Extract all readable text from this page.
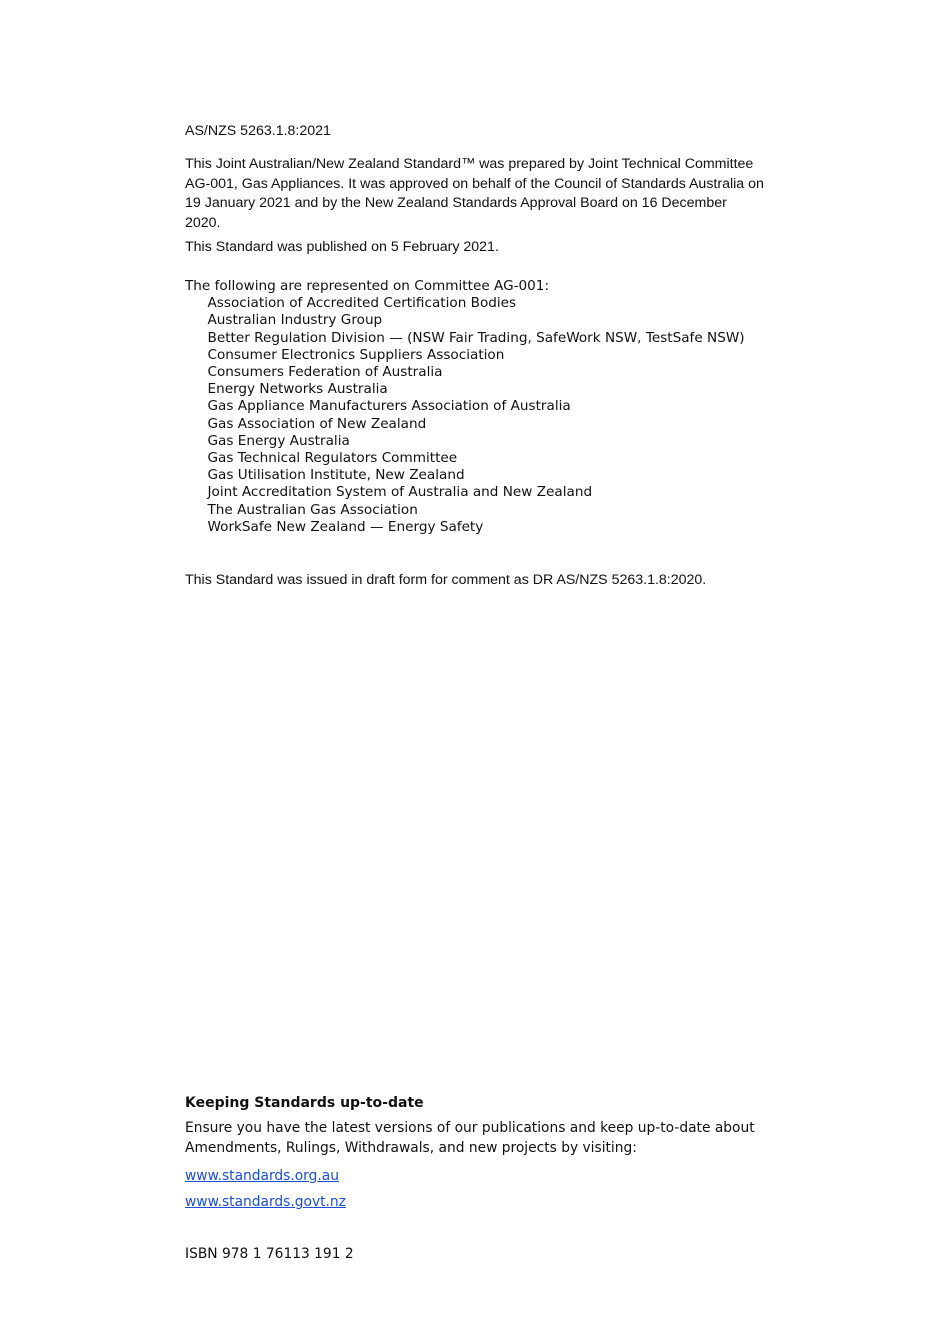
AS/NZS 5263.1.8:2021

This Joint Australian/New Zealand Standard™ was prepared by Joint Technical Committee AG-001, Gas Appliances. It was approved on behalf of the Council of Standards Australia on 19 January 2021 and by the New Zealand Standards Approval Board on 16 December 2020.

This Standard was published on 5 February 2021.

The following are represented on Committee AG-001:

Association of Accredited Certification Bodies
Australian Industry Group
Better Regulation Division — (NSW Fair Trading, SafeWork NSW, TestSafe NSW)
Consumer Electronics Suppliers Association
Consumers Federation of Australia
Energy Networks Australia
Gas Appliance Manufacturers Association of Australia
Gas Association of New Zealand
Gas Energy Australia
Gas Technical Regulators Committee
Gas Utilisation Institute, New Zealand
Joint Accreditation System of Australia and New Zealand
The Australian Gas Association
WorkSafe New Zealand — Energy Safety
This Standard was issued in draft form for comment as DR AS/NZS 5263.1.8:2020.
Keeping Standards up-to-date

Ensure you have the latest versions of our publications and keep up-to-date about Amendments, Rulings, Withdrawals, and new projects by visiting:

www.standards.org.au
www.standards.govt.nz
ISBN 978 1 76113 191 2
